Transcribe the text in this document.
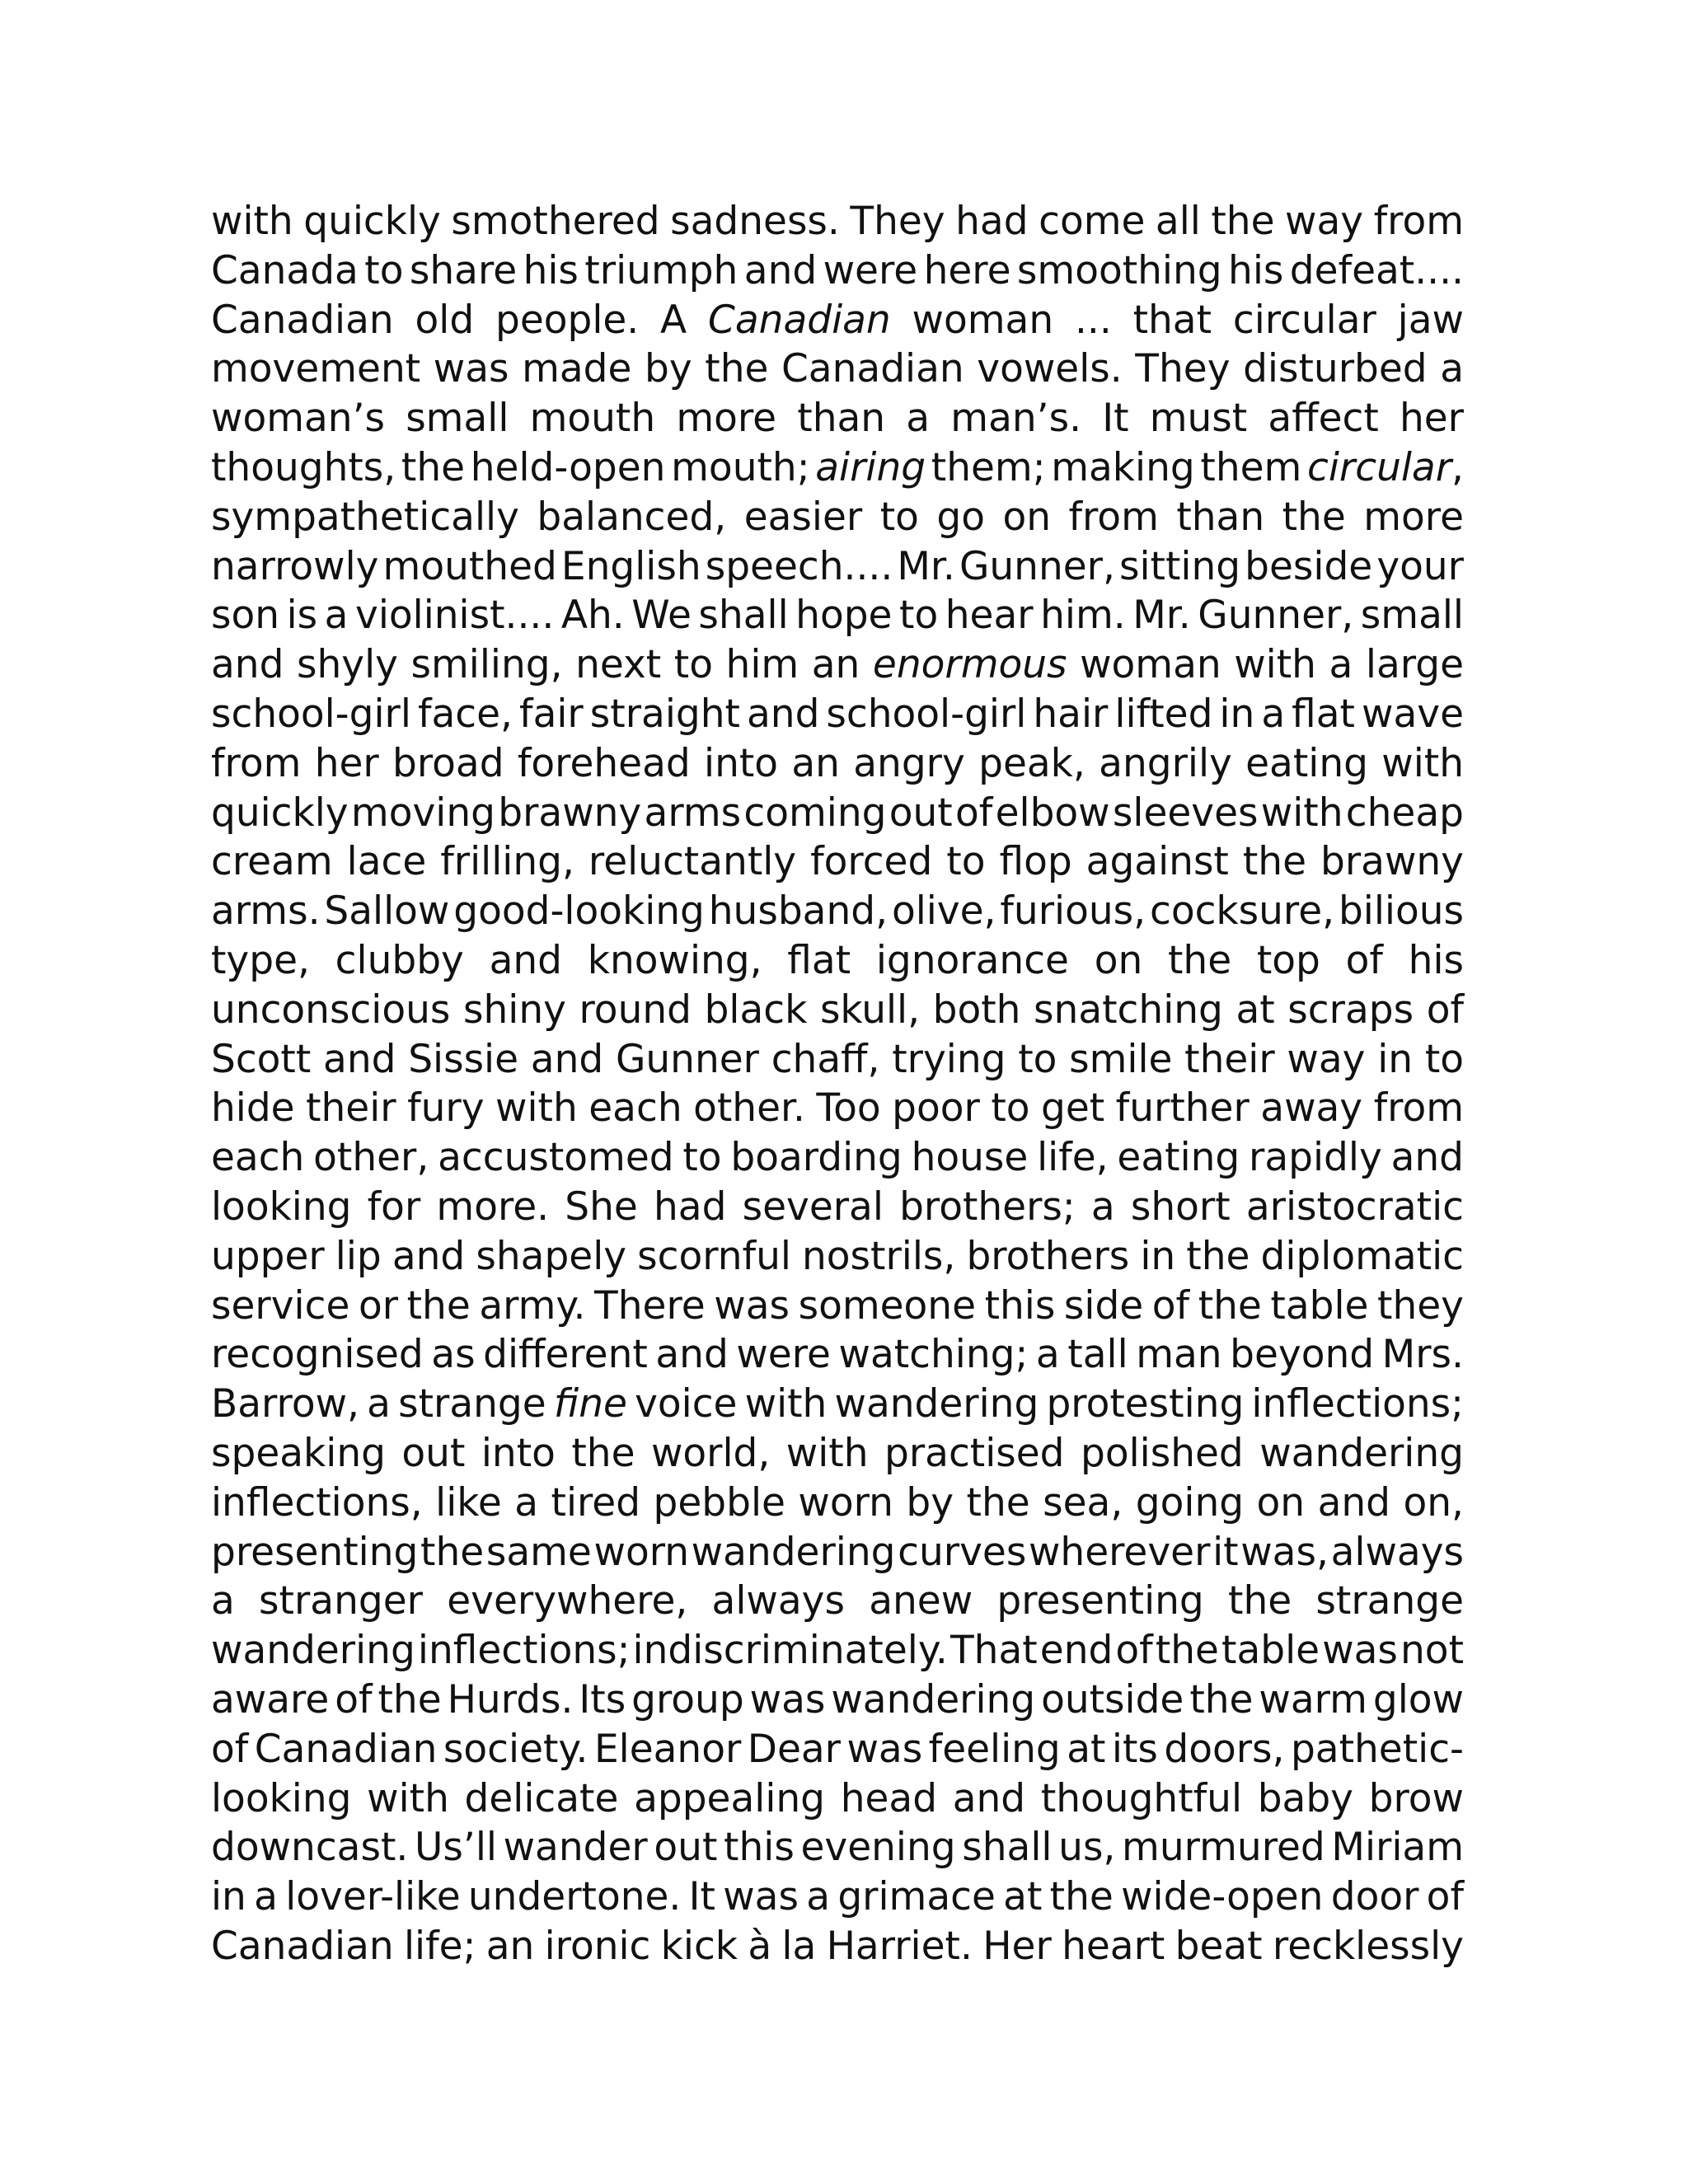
with quickly smothered sadness. They had come all the way from
Canada to share his triumph and were here smoothing his defeat....
Canadian old people. A Canadian woman ... that circular jaw
movement was made by the Canadian vowels. They disturbed a
woman’s small mouth more than a man’s. It must affect her
thoughts, the held-open mouth; airing them; making them circular,
sympathetically balanced, easier to go on from than the more
narrowly mouthed English speech.... Mr. Gunner, sitting beside your
son is a violinist.... Ah. We shall hope to hear him. Mr. Gunner, small
and shyly smiling, next to him an enormous woman with a large
school-girl face, fair straight and school-girl hair lifted in a flat wave
from her broad forehead into an angry peak, angrily eating with
quickly moving brawny arms coming out of elbow sleeves with cheap
cream lace frilling, reluctantly forced to flop against the brawny
arms. Sallow good-looking husband, olive, furious, cocksure, bilious
type, clubby and knowing, flat ignorance on the top of his
unconscious shiny round black skull, both snatching at scraps of
Scott and Sissie and Gunner chaff, trying to smile their way in to
hide their fury with each other. Too poor to get further away from
each other, accustomed to boarding house life, eating rapidly and
looking for more. She had several brothers; a short aristocratic
upper lip and shapely scornful nostrils, brothers in the diplomatic
service or the army. There was someone this side of the table they
recognised as different and were watching; a tall man beyond Mrs.
Barrow, a strange fine voice with wandering protesting inflections;
speaking out into the world, with practised polished wandering
inflections, like a tired pebble worn by the sea, going on and on,
presenting the same worn wandering curves wherever it was, always
a stranger everywhere, always anew presenting the strange
wandering inflections; indiscriminately. That end of the table was not
aware of the Hurds. Its group was wandering outside the warm glow
of Canadian society. Eleanor Dear was feeling at its doors, pathetic-
looking with delicate appealing head and thoughtful baby brow
downcast. Us’ll wander out this evening shall us, murmured Miriam
in a lover-like undertone. It was a grimace at the wide-open door of
Canadian life; an ironic kick à la Harriet. Her heart beat recklessly
